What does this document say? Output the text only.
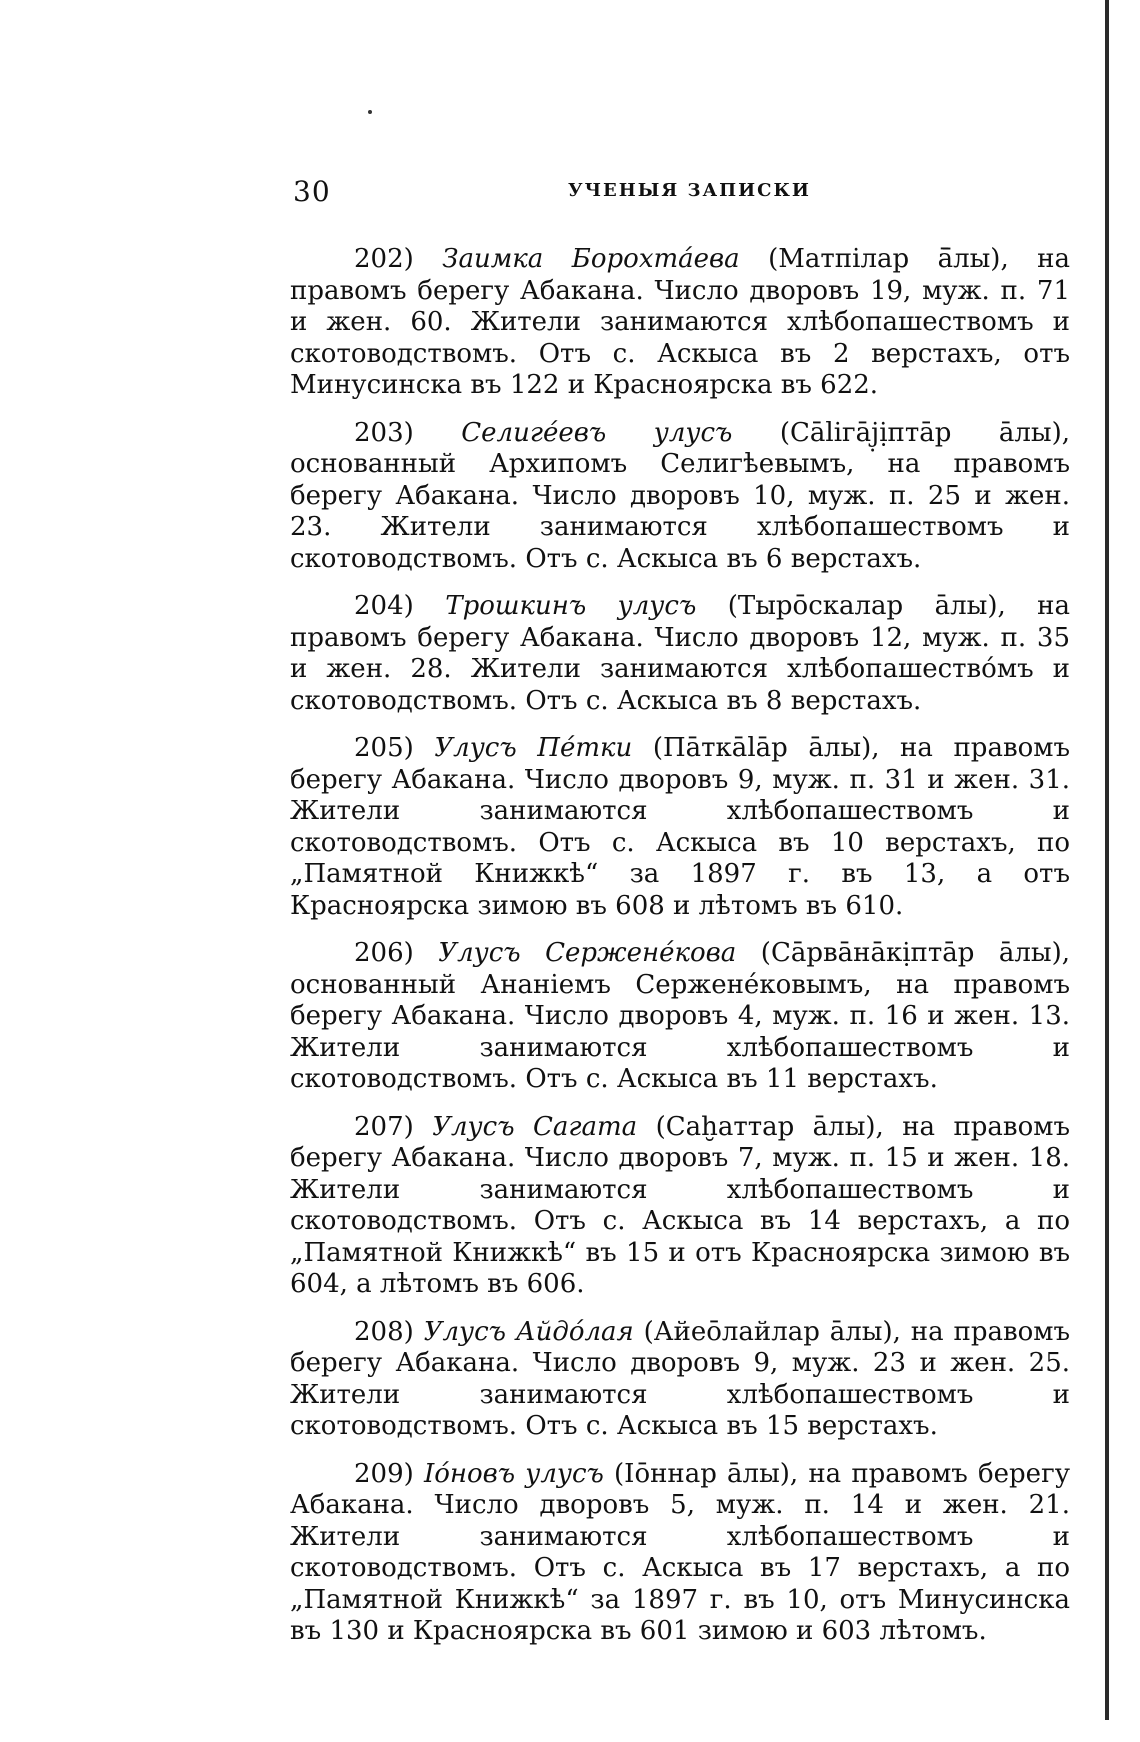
30	УЧЕНЫЯ ЗАПИСКИ

202) Заимка Борохтáева (Матпiлар ā̄лы), на правомъ берегу Абакана. Число дворовъ 19, муж. п. 71 и жен. 60. Жители занимаются хлѣбопашествомъ и скотоводствомъ. Отъ с. Аскыса въ 2 верстахъ, отъ Минусинска въ 122 и Красноярска въ 622.

203) Селигéевъ улусъ (Сāliгāj̣ịптāр āлы), основанный Архипомъ Селигѣевымъ, на правомъ берегу Абакана. Число дворовъ 10, муж. п. 25 и жен. 23. Жители занимаются хлѣбопашествомъ и скотоводствомъ. Отъ с. Аскыса въ 6 верстахъ.

204) Трошкинъ улусъ (Тырōскалар āлы), на правомъ берегу Абакана. Число дворовъ 12, муж. п. 35 и жен. 28. Жители занимаются хлѣбопашествóмъ и скотоводствомъ. Отъ с. Аскыса въ 8 верстахъ.

205) Улусъ Пéтки (Пāткālāр āлы), на правомъ берегу Абакана. Число дворовъ 9, муж. п. 31 и жен. 31. Жители занимаются хлѣбопашествомъ и скотоводствомъ. Отъ с. Аскыса въ 10 верстахъ, по „Памятной Книжкѣ“ за 1897 г. въ 13, а отъ Красноярска зимою въ 608 и лѣтомъ въ 610.

206) Улусъ Серженéкова (Сāрвāнāкịптāр āлы), основанный Ананiемъ Серженéковымъ, на правомъ берегу Абакана. Число дворовъ 4, муж. п. 16 и жен. 13. Жители занимаются хлѣбопашествомъ и скотоводствомъ. Отъ с. Аскыса въ 11 верстахъ.

207) Улусъ Сагата (Саḫаттар āлы), на правомъ берегу Абакана. Число дворовъ 7, муж. п. 15 и жен. 18. Жители занимаются хлѣбопашествомъ и скотоводствомъ. Отъ с. Аскыса въ 14 верстахъ, а по „Памятной Книжкѣ“ въ 15 и отъ Красноярска зимою въ 604, а лѣтомъ въ 606.

208) Улусъ Айдóлая (Айеōлайлар āлы), на правомъ берегу Абакана. Число дворовъ 9, муж. 23 и жен. 25. Жители занимаются хлѣбопашествомъ и скотоводствомъ. Отъ с. Аскыса въ 15 верстахъ.

209) Ióновъ улусъ (Iōннар āлы), на правомъ берегу Абакана. Число дворовъ 5, муж. п. 14 и жен. 21. Жители занимаются хлѣбопашествомъ и скотоводствомъ. Отъ с. Аскыса въ 17 верстахъ, а по „Памятной Книжкѣ“ за 1897 г. въ 10, отъ Минусинска въ 130 и Красноярска въ 601 зимою и 603 лѣтомъ.
